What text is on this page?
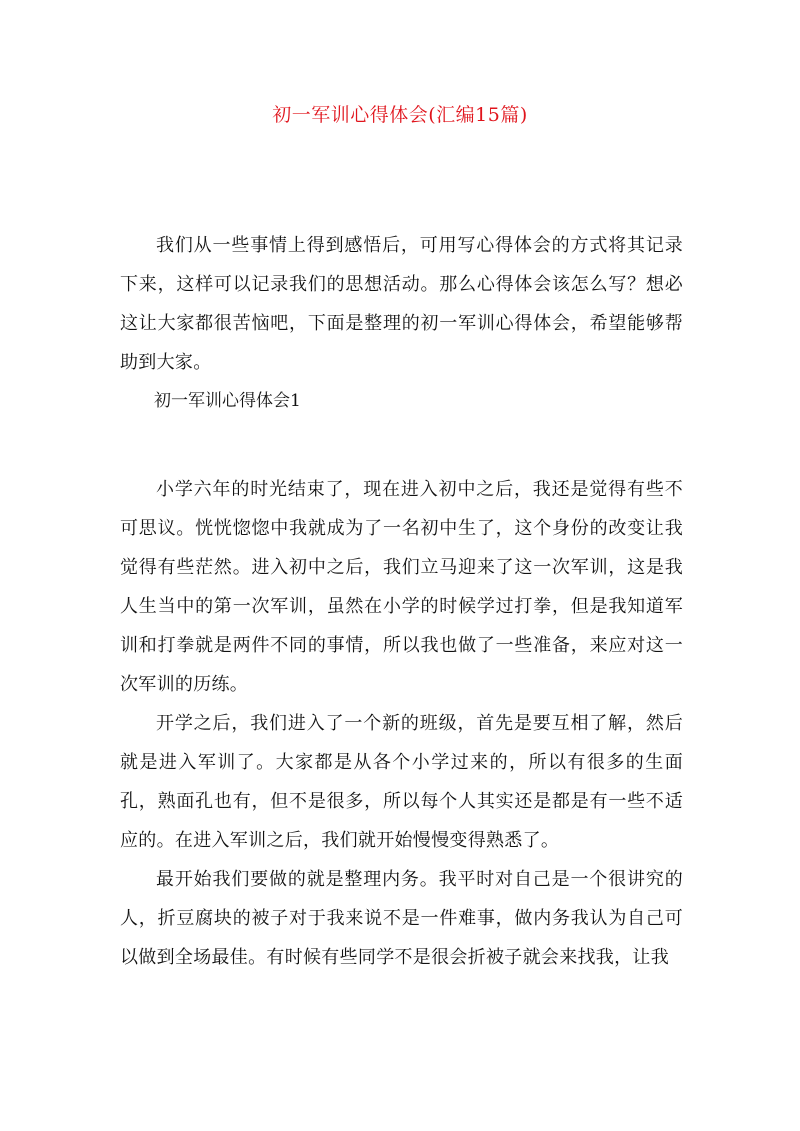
初一军训心得体会(汇编15篇)

我们从一些事情上得到感悟后，可用写心得体会的方式将其记录下来，这样可以记录我们的思想活动。那么心得体会该怎么写？想必这让大家都很苦恼吧，下面是整理的初一军训心得体会，希望能够帮助到大家。

初一军训心得体会1

小学六年的时光结束了，现在进入初中之后，我还是觉得有些不可思议。恍恍惚惚中我就成为了一名初中生了，这个身份的改变让我觉得有些茫然。进入初中之后，我们立马迎来了这一次军训，这是我人生当中的第一次军训，虽然在小学的时候学过打拳，但是我知道军训和打拳就是两件不同的事情，所以我也做了一些准备，来应对这一次军训的历练。

开学之后，我们进入了一个新的班级，首先是要互相了解，然后就是进入军训了。大家都是从各个小学过来的，所以有很多的生面孔，熟面孔也有，但不是很多，所以每个人其实还是都是有一些不适应的。在进入军训之后，我们就开始慢慢变得熟悉了。

最开始我们要做的就是整理内务。我平时对自己是一个很讲究的人，折豆腐块的被子对于我来说不是一件难事，做内务我认为自己可以做到全场最佳。有时候有些同学不是很会折被子就会来找我，让我
